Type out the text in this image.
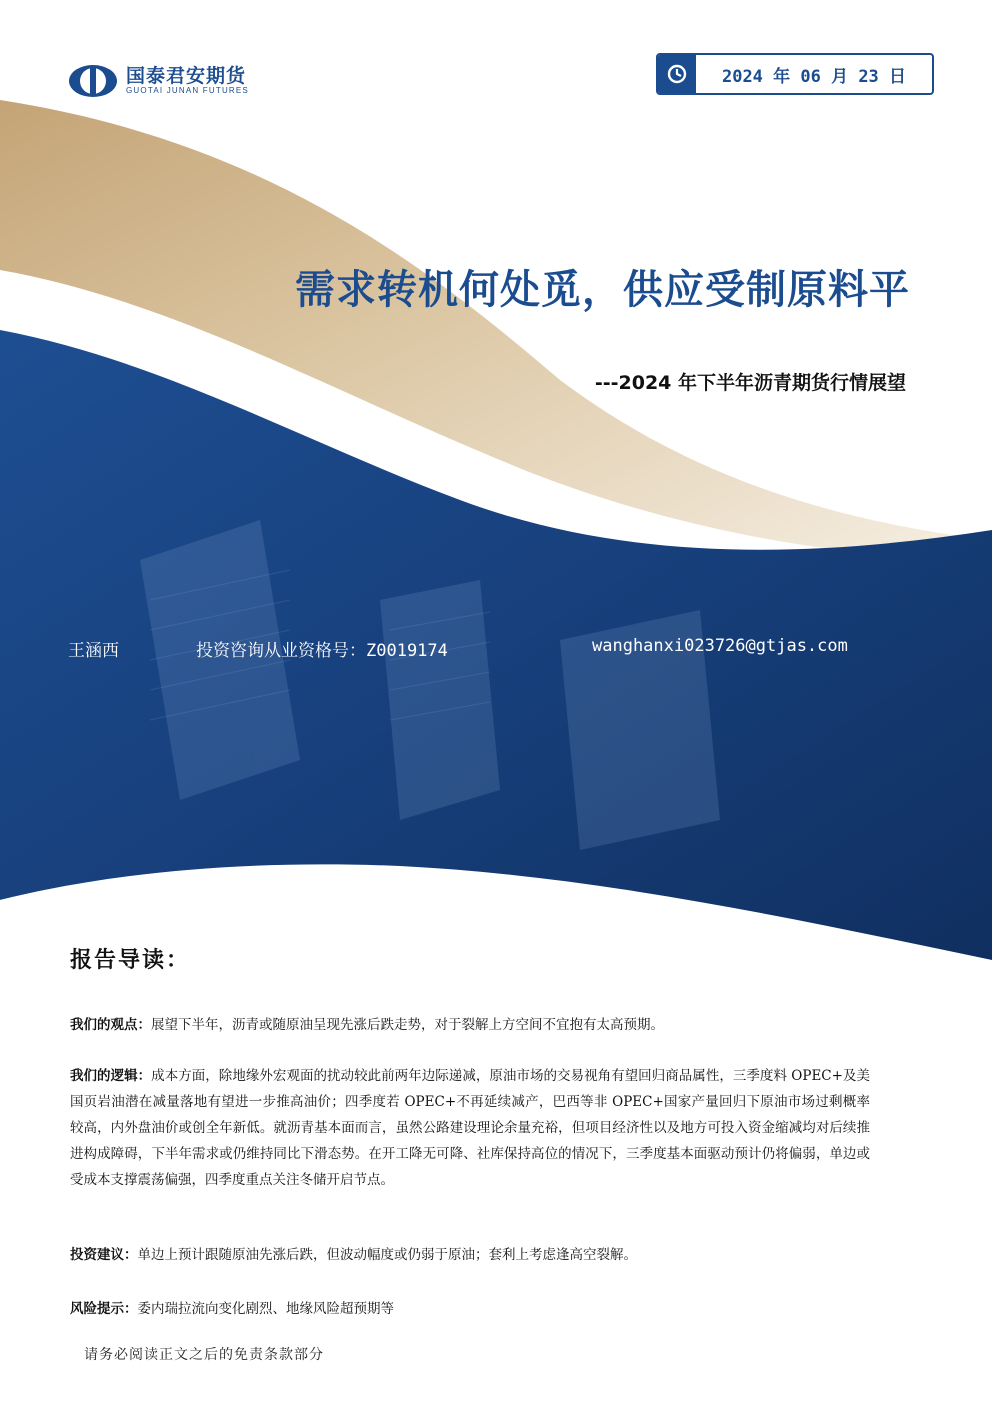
国泰君安期货
GUOTAI JUNAN FUTURES
2024 年 06 月 23 日
需求转机何处觅，供应受制原料平
---2024 年下半年沥青期货行情展望
王涵西	投资咨询从业资格号：Z0019174	wanghanxi023726@gtjas.com
报告导读：
我们的观点：展望下半年，沥青或随原油呈现先涨后跌走势，对于裂解上方空间不宜抱有太高预期。
我们的逻辑：成本方面，除地缘外宏观面的扰动较此前两年边际递减，原油市场的交易视角有望回归商品属性，三季度料 OPEC+及美国页岩油潜在减量落地有望进一步推高油价；四季度若 OPEC+不再延续减产，巴西等非 OPEC+国家产量回归下原油市场过剩概率较高，内外盘油价或创全年新低。就沥青基本面而言，虽然公路建设理论余量充裕，但项目经济性以及地方可投入资金缩减均对后续推进构成障碍，下半年需求或仍维持同比下滑态势。在开工降无可降、社库保持高位的情况下，三季度基本面驱动预计仍将偏弱，单边或受成本支撑震荡偏强，四季度重点关注冬储开启节点。
投资建议：单边上预计跟随原油先涨后跌，但波动幅度或仍弱于原油；套利上考虑逢高空裂解。
风险提示：委内瑞拉流向变化剧烈、地缘风险超预期等
请务必阅读正文之后的免责条款部分
